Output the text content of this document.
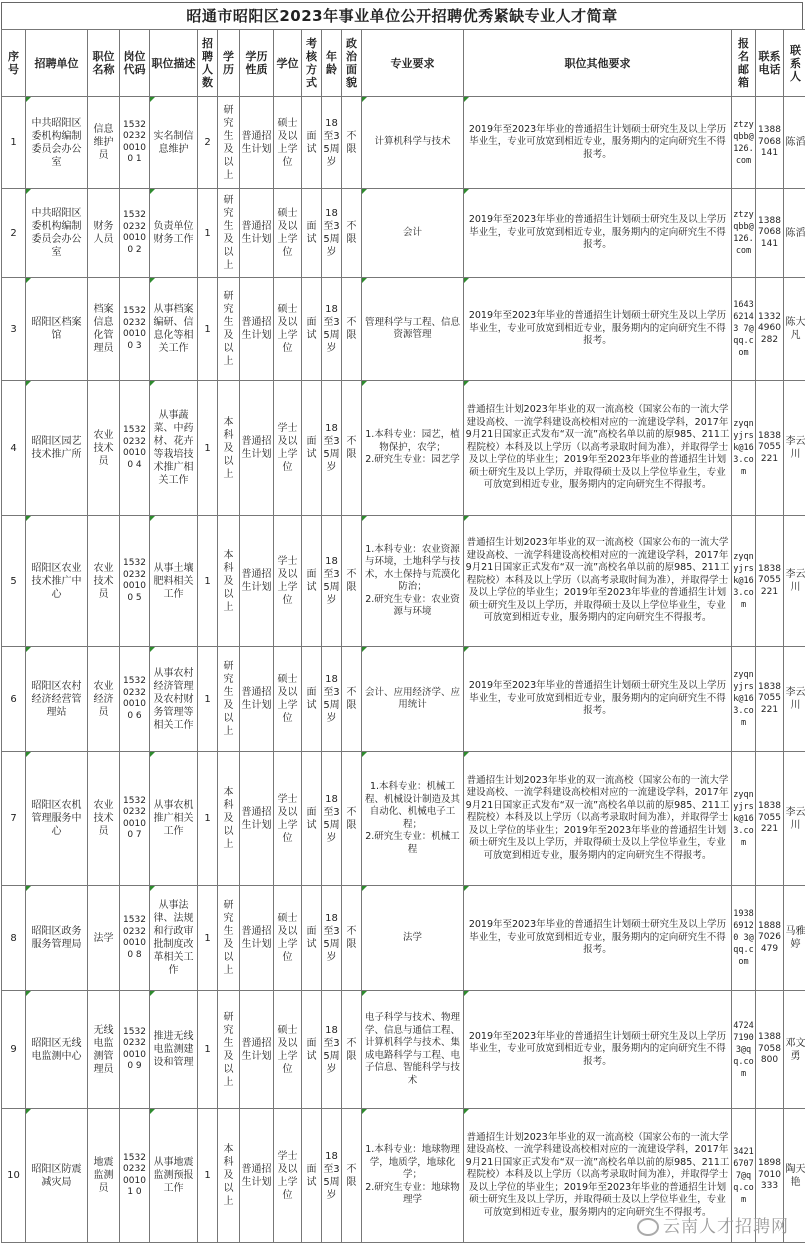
昭通市昭阳区2023年事业单位公开招聘优秀紧缺专业人才简章
序号	招聘单位	职位名称	岗位代码	职位描述	招聘人数	学历	学历性质	学位	考核方式	年龄	政治面貌	专业要求	职位其他要求	报名邮箱	联系电话	联系人
1	中共昭阳区委机构编制委员会办公室	信息维护员	1532023200100 1	实名制信息维护	2	研究生及以上	普通招生计划	硕士及以上学位	面试	18至35周岁	不限	计算机科学与技术	2019年至2023年毕业的普通招生计划硕士研究生及以上学历毕业生，专业可放宽到相近专业，服务期内的定向研究生不得报考。	ztzyqbb@126.com	13887068141	陈滔
2	中共昭阳区委机构编制委员会办公室	财务人员	1532023200100 2	负责单位财务工作	1	研究生及以上	普通招生计划	硕士及以上学位	面试	18至35周岁	不限	会计	2019年至2023年毕业的普通招生计划硕士研究生及以上学历毕业生，专业可放宽到相近专业，服务期内的定向研究生不得报考。	ztzyqbb@126.com	13887068141	陈滔
3	昭阳区档案馆	档案信息化管理员	1532023200100 3	从事档案编研、信息化等相关工作	1	研究生及以上	普通招生计划	硕士及以上学位	面试	18至35周岁	不限	管理科学与工程、信息资源管理	2019年至2023年毕业的普通招生计划硕士研究生及以上学历毕业生，专业可放宽到相近专业，服务期内的定向研究生不得报考。	164362143 7@qq.com	13324960282	陈大凡
4	昭阳区园艺技术推广所	农业技术员	1532023200100 4	从事蔬菜、中药材、花卉等栽培技术推广相关工作	1	本科及以上	普通招生计划	学士及以上学位	面试	18至35周岁	不限	1.本科专业：园艺，植物保护，农学；
2.研究生专业：园艺学	普通招生计划2023年毕业的双一流高校（国家公布的一流大学建设高校、一流学科建设高校相对应的一流建设学科，2017年9月21日国家正式发布“双一流”高校名单以前的原985、211工程院校）本科及以上学历（以高考录取时间为准），并取得学士及以上学位的毕业生；2019年至2023年毕业的普通招生计划硕士研究生及以上学历，并取得硕士及以上学位毕业生，专业可放宽到相近专业，服务期内的定向研究生不得报考。	zyqnyjrsk@163.com	18387055221	李云川
5	昭阳区农业技术推广中心	农业技术员	1532023200100 5	从事土壤肥料相关工作	1	本科及以上	普通招生计划	学士及以上学位	面试	18至35周岁	不限	1.本科专业：农业资源与环境，土地科学与技术，水土保持与荒漠化防治；
2.研究生专业：农业资源与环境	普通招生计划2023年毕业的双一流高校（国家公布的一流大学建设高校、一流学科建设高校相对应的一流建设学科，2017年9月21日国家正式发布“双一流”高校名单以前的原985、211工程院校）本科及以上学历（以高考录取时间为准），并取得学士及以上学位的毕业生；2019年至2023年毕业的普通招生计划硕士研究生及以上学历，并取得硕士及以上学位毕业生，专业可放宽到相近专业，服务期内的定向研究生不得报考。	zyqnyjrsk@163.com	18387055221	李云川
6	昭阳区农村经济经营管理站	农业经济员	1532023200100 6	从事农村经济管理及农村财务管理等相关工作	1	研究生及以上	普通招生计划	硕士及以上学位	面试	18至35周岁	不限	会计、应用经济学、应用统计	2019年至2023年毕业的普通招生计划硕士研究生及以上学历毕业生，专业可放宽到相近专业，服务期内的定向研究生不得报考。	zyqnyjrsk@163.com	18387055221	李云川
7	昭阳区农机管理服务中心	农业技术员	1532023200100 7	从事农机推广相关工作	1	本科及以上	普通招生计划	学士及以上学位	面试	18至35周岁	不限	1.本科专业：机械工程、机械设计制造及其自动化、机械电子工程；
2.研究生专业：机械工程	普通招生计划2023年毕业的双一流高校（国家公布的一流大学建设高校、一流学科建设高校相对应的一流建设学科，2017年9月21日国家正式发布“双一流”高校名单以前的原985、211工程院校）本科及以上学历（以高考录取时间为准），并取得学士及以上学位的毕业生；2019年至2023年毕业的普通招生计划硕士研究生及以上学历，并取得硕士及以上学位毕业生，专业可放宽到相近专业，服务期内的定向研究生不得报考。	zyqnyjrsk@163.com	18387055221	李云川
8	昭阳区政务服务管理局	法学	1532023200100 8	从事法律、法规和行政审批制度改革相关工作	1	研究生及以上	普通招生计划	硕士及以上学位	面试	18至35周岁	不限	法学	2019年至2023年毕业的普通招生计划硕士研究生及以上学历毕业生，专业可放宽到相近专业，服务期内的定向研究生不得报考。	193869120 3@qq.com	18887026479	马雅婷
9	昭阳区无线电监测中心	无线电监测管理员	1532023200100 9	推进无线电监测建设和管理	1	研究生及以上	普通招生计划	硕士及以上学位	面试	18至35周岁	不限	电子科学与技术、物理学、信息与通信工程、计算机科学与技术、集成电路科学与工程、电子信息、智能科学与技术	2019年至2023年毕业的普通招生计划硕士研究生及以上学历毕业生，专业可放宽到相近专业，服务期内的定向研究生不得报考。	472471903@qq.com	13887058800	邓文勇
10	昭阳区防震减灾局	地震监测员	1532023200101 0	从事地震监测预报工作	1	本科及以上	普通招生计划	学士及以上学位	面试	18至35周岁	不限	1.本科专业：地球物理学，地质学，地球化学；
2.研究生专业：地球物理学	普通招生计划2023年毕业的双一流高校（国家公布的一流大学建设高校、一流学科建设高校相对应的一流建设学科，2017年9月21日国家正式发布“双一流”高校名单以前的原985、211工程院校）本科及以上学历（以高考录取时间为准），并取得学士及以上学位的毕业生；2019年至2023年毕业的普通招生计划硕士研究生及以上学历，并取得硕士及以上学位毕业生，专业可放宽到相近专业，服务期内的定向研究生不得报考。	342167077@qq.com	18987010333	陶天艳
云南人才招聘网
